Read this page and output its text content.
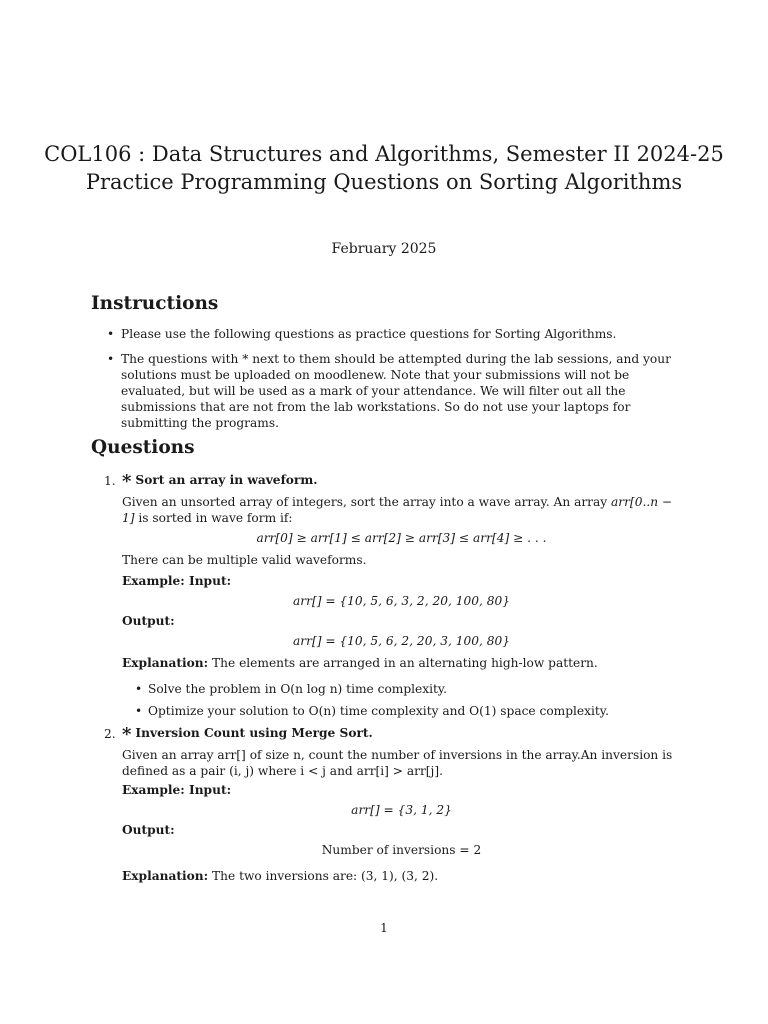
COL106 : Data Structures and Algorithms, Semester II 2024-25
Practice Programming Questions on Sorting Algorithms
February 2025
Instructions
• Please use the following questions as practice questions for Sorting Algorithms.
• The questions with * next to them should be attempted during the lab sessions, and your solutions must be uploaded on moodlenew. Note that your submissions will not be evaluated, but will be used as a mark of your attendance. We will filter out all the submissions that are not from the lab workstations. So do not use your laptops for submitting the programs.
Questions
1. * Sort an array in waveform.
Given an unsorted array of integers, sort the array into a wave array. An array arr[0..n − 1] is sorted in wave form if:
arr[0] ≥ arr[1] ≤ arr[2] ≥ arr[3] ≤ arr[4] ≥ . . .
There can be multiple valid waveforms.
Example: Input:
arr[] = {10, 5, 6, 3, 2, 20, 100, 80}
Output:
arr[] = {10, 5, 6, 2, 20, 3, 100, 80}
Explanation: The elements are arranged in an alternating high-low pattern.
• Solve the problem in O(n log n) time complexity.
• Optimize your solution to O(n) time complexity and O(1) space complexity.
2. * Inversion Count using Merge Sort.
Given an array arr[] of size n, count the number of inversions in the array.An inversion is defined as a pair (i, j) where i < j and arr[i] > arr[j].
Example: Input:
arr[] = {3, 1, 2}
Output:
Number of inversions = 2
Explanation: The two inversions are: (3, 1), (3, 2).
1
